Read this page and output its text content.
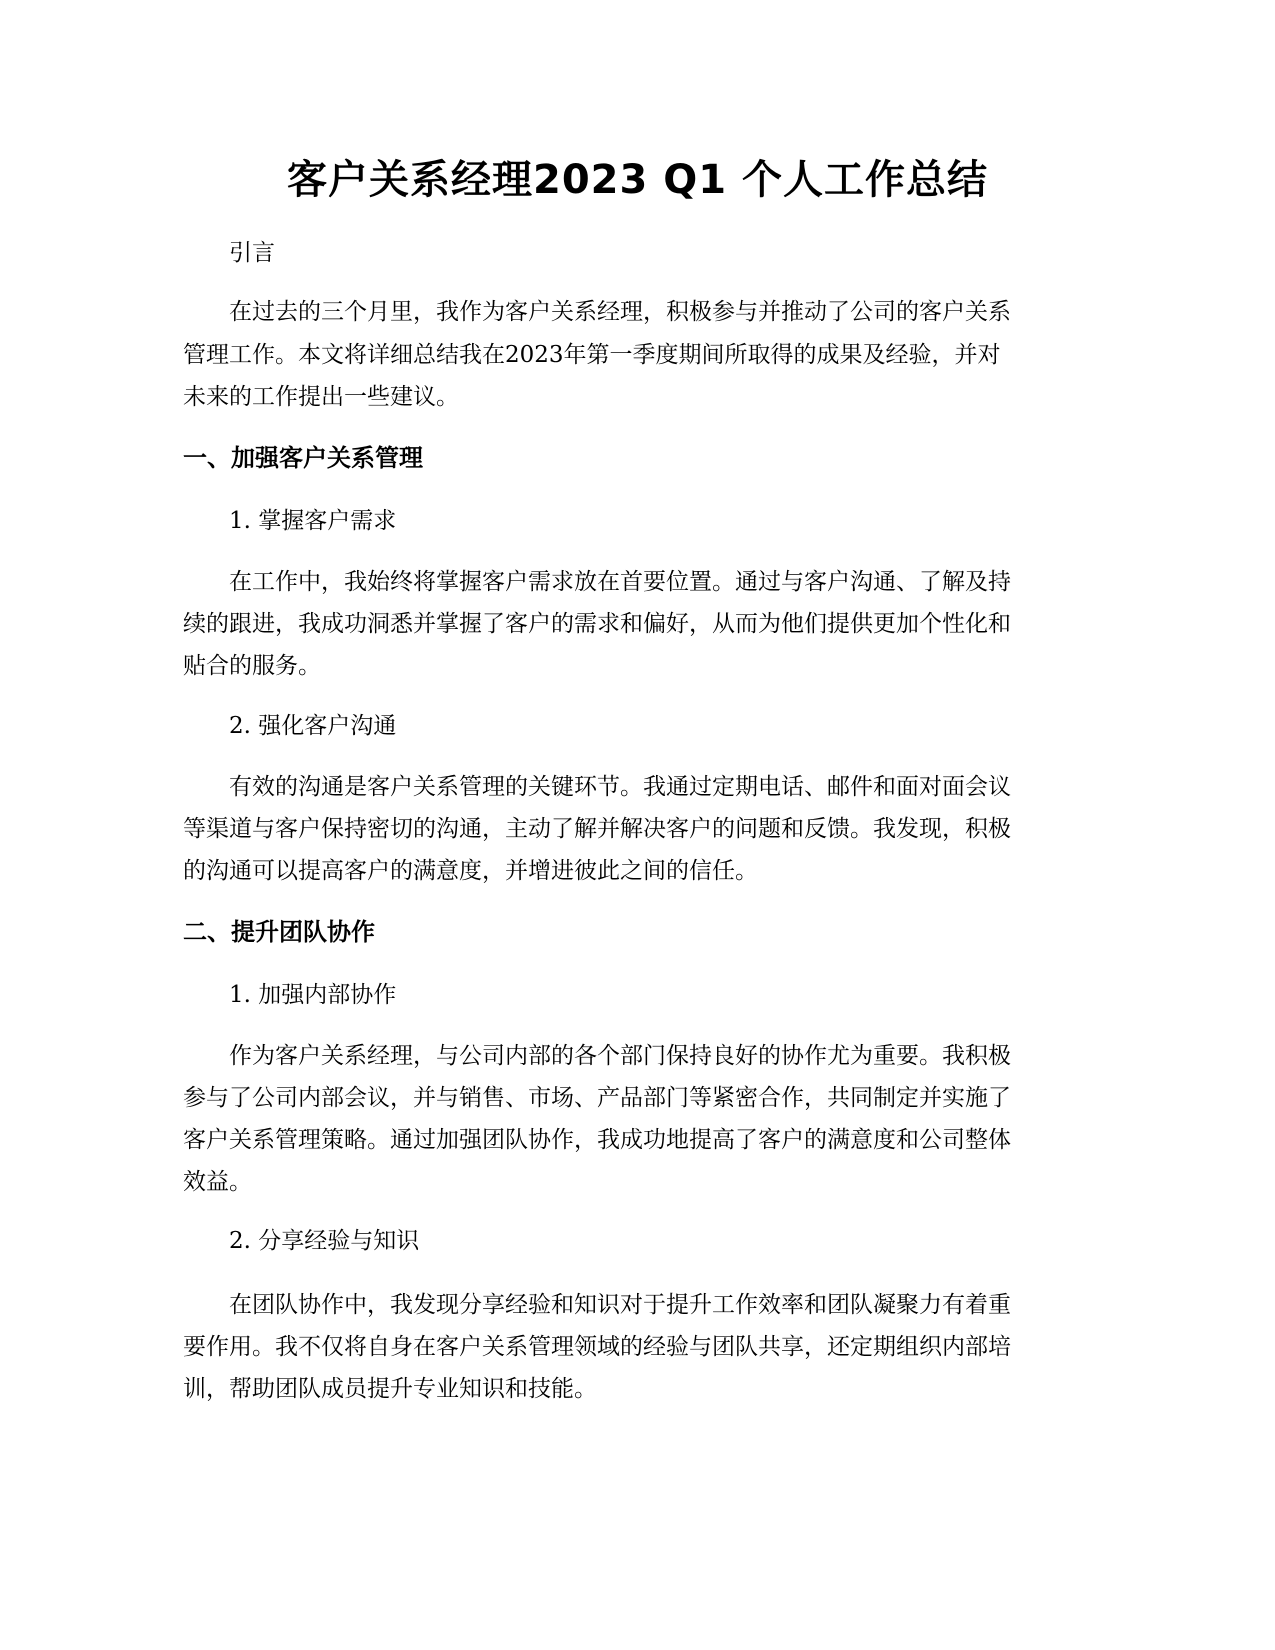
客户关系经理2023 Q1 个人工作总结

引言

在过去的三个月里，我作为客户关系经理，积极参与并推动了公司的客户关系

管理工作。本文将详细总结我在2023年第一季度期间所取得的成果及经验，并对

未来的工作提出一些建议。

一、加强客户关系管理

1. 掌握客户需求

在工作中，我始终将掌握客户需求放在首要位置。通过与客户沟通、了解及持

续的跟进，我成功洞悉并掌握了客户的需求和偏好，从而为他们提供更加个性化和

贴合的服务。

2. 强化客户沟通

有效的沟通是客户关系管理的关键环节。我通过定期电话、邮件和面对面会议

等渠道与客户保持密切的沟通，主动了解并解决客户的问题和反馈。我发现，积极

的沟通可以提高客户的满意度，并增进彼此之间的信任。

二、提升团队协作

1. 加强内部协作

作为客户关系经理，与公司内部的各个部门保持良好的协作尤为重要。我积极

参与了公司内部会议，并与销售、市场、产品部门等紧密合作，共同制定并实施了

客户关系管理策略。通过加强团队协作，我成功地提高了客户的满意度和公司整体

效益。

2. 分享经验与知识

在团队协作中，我发现分享经验和知识对于提升工作效率和团队凝聚力有着重

要作用。我不仅将自身在客户关系管理领域的经验与团队共享，还定期组织内部培

训，帮助团队成员提升专业知识和技能。
